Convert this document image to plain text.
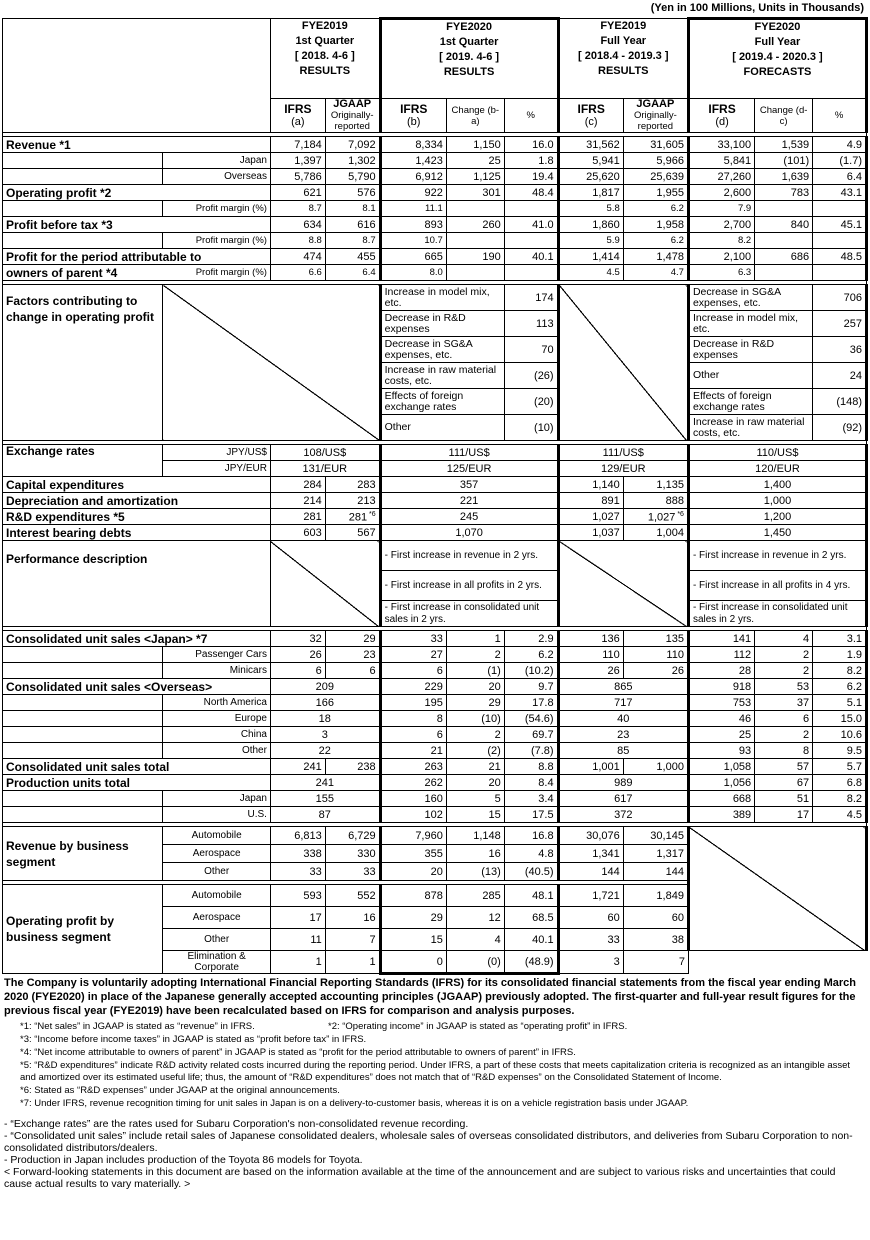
(Yen in 100 Millions, Units in Thousands)
		FYE2019
1st Quarter
[ 2018. 4-6 ]
RESULTS		FYE2020
1st Quarter
[ 2019. 4-6 ]
RESULTS			FYE2019
Full Year
[ 2018.4 - 2019.3 ]
RESULTS		FYE2020
Full Year
[ 2019.4 - 2020.3 ]
FORECASTS		
		IFRS
(a)	JGAAP
Originally-reported	IFRS
(b)	Change (b-a)	%	IFRS
(c)	JGAAP
Originally-reported	IFRS
(d)	Change (d-c)	%

Revenue *1		7,184	7,092	8,334	1,150	16.0	31,562	31,605	33,100	1,539	4.9
	Japan	1,397	1,302	1,423	25	1.8	5,941	5,966	5,841	(101)	(1.7)
	Overseas	5,786	5,790	6,912	1,125	19.4	25,620	25,639	27,260	1,639	6.4
Operating profit *2		621	576	922	301	48.4	1,817	1,955	2,600	783	43.1
	Profit margin (%)	8.7	8.1	11.1			5.8	6.2	7.9		
Profit before tax *3		634	616	893	260	41.0	1,860	1,958	2,700	840	45.1
	Profit margin (%)	8.8	8.7	10.7			5.9	6.2	8.2		
Profit for the period attributable to		474	455	665	190	40.1	1,414	1,478	2,100	686	48.5
owners of parent *4	Profit margin (%)	6.6	6.4	8.0			4.5	4.7	6.3		

Factors contributing to change in operating profit				Increase in model mix, etc.		174			Decrease in SG&A expenses, etc.		706
				Decrease in R&D expenses		113			Increase in model mix, etc.		257
				Decrease in SG&A expenses, etc.		70			Decrease in R&D expenses		36
				Increase in raw material costs, etc.		(26)			Other		24
				Effects of foreign exchange rates		(20)			Effects of foreign exchange rates		(148)
				Other		(10)			Increase in raw material costs, etc.		(92)

Exchange rates	JPY/US$	108/US$		111/US$			111/US$		110/US$		
	JPY/EUR	131/EUR		125/EUR			129/EUR		120/EUR		
Capital expenditures		284	283	357			1,140	1,135	1,400		
Depreciation and amortization		214	213	221			891	888	1,000		
R&D expenditures *5		281	281 $^{*6}$	245			1,027	1,027 $^{*6}$	1,200		
Interest bearing debts		603	567	1,070			1,037	1,004	1,450		
Performance description				- First increase in revenue in 2 yrs.					- First increase in revenue in 2 yrs.		
				- First increase in all profits in 2 yrs.					- First increase in all profits in 4 yrs.		
				- First increase in consolidated unit sales in 2 yrs.					- First increase in consolidated unit sales in 2 yrs.		

Consolidated unit sales <Japan> *7		32	29	33	1	2.9	136	135	141	4	3.1
	Passenger Cars	26	23	27	2	6.2	110	110	112	2	1.9
	Minicars	6	6	6	(1)	(10.2)	26	26	28	2	8.2
Consolidated unit sales <Overseas>		209		229	20	9.7	865		918	53	6.2
	North America	166		195	29	17.8	717		753	37	5.1
	Europe	18		8	(10)	(54.6)	40		46	6	15.0
	China	3		6	2	69.7	23		25	2	10.6
	Other	22		21	(2)	(7.8)	85		93	8	9.5
Consolidated unit sales total		241	238	263	21	8.8	1,001	1,000	1,058	57	5.7
Production units total		241		262	20	8.4	989		1,056	67	6.8
	Japan	155		160	5	3.4	617		668	51	8.2
	U.S.	87		102	15	17.5	372		389	17	4.5

Revenue by business segment	Automobile	6,813	6,729	7,960	1,148	16.8	30,076	30,145			
	Aerospace	338	330	355	16	4.8	1,341	1,317			
	Other	33	33	20	(13)	(40.5)	144	144			

Operating profit by business segment	Automobile	593	552	878	285	48.1	1,721	1,849			
	Aerospace	17	16	29	12	68.5	60	60			
	Other	11	7	15	4	40.1	33	38			
	Elimination & Corporate	1	1	0	(0)	(48.9)	3	7			

The Company is voluntarily adopting International Financial Reporting Standards (IFRS) for its consolidated financial statements from the fiscal year ending March 2020 (FYE2020) in place of the Japanese generally accepted accounting principles (JGAAP) previously adopted. The first-quarter and full-year result figures for the previous fiscal year (FYE2019) have been recalculated based on IFRS for comparison and analysis purposes.

*1: “Net sales” in JGAAP is stated as “revenue” in IFRS.	*2: “Operating income” in JGAAP is stated as “operating profit” in IFRS.

*3: “Income before income taxes” in JGAAP is stated as “profit before tax” in IFRS.

*4: “Net income attributable to owners of parent” in JGAAP is stated as “profit for the period attributable to owners of parent” in IFRS.

*5: “R&D expenditures” indicate R&D activity related costs incurred during the reporting period. Under IFRS, a part of these costs that meets capitalization criteria is recognized as an intangible asset and amortized over its estimated useful life; thus, the amount of “R&D expenditures” does not match that of “R&D expenses” on the Consolidated Statement of Income.

*6: Stated as “R&D expenses” under JGAAP at the original announcements.

*7: Under IFRS, revenue recognition timing for unit sales in Japan is on a delivery-to-customer basis, whereas it is on a vehicle registration basis under JGAAP.

- “Exchange rates” are the rates used for Subaru Corporation's non-consolidated revenue recording.

- “Consolidated unit sales” include retail sales of Japanese consolidated dealers, wholesale sales of overseas consolidated distributors, and deliveries from Subaru Corporation to non-consolidated distributors/dealers.

- Production in Japan includes production of the Toyota 86 models for Toyota.

< Forward-looking statements in this document are based on the information available at the time of the announcement and are subject to various risks and uncertainties that could cause actual results to vary materially. >
